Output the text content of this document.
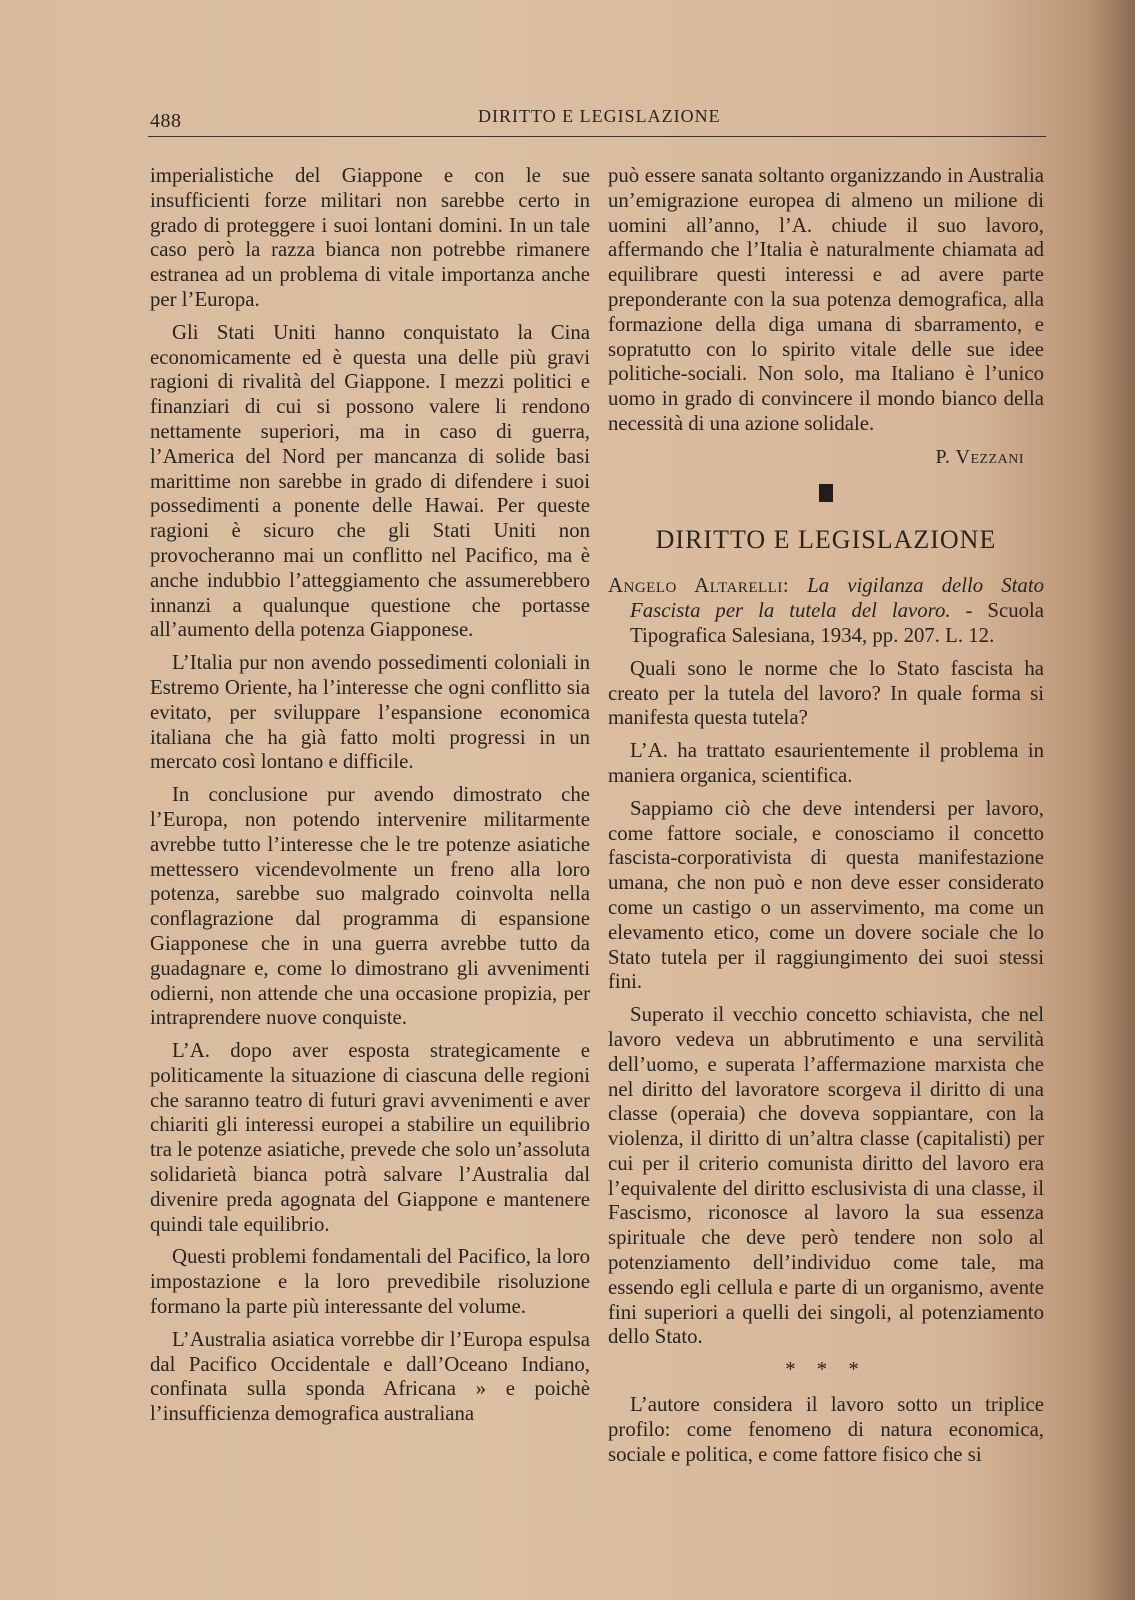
488	DIRITTO E LEGISLAZIONE

imperialistiche del Giappone e con le sue insufficienti forze militari non sarebbe certo in grado di proteggere i suoi lontani domini. In un tale caso però la razza bianca non potrebbe rimanere estranea ad un problema di vitale importanza anche per l’Europa.

Gli Stati Uniti hanno conquistato la Cina economicamente ed è questa una delle più gravi ragioni di rivalità del Giappone. I mezzi politici e finanziari di cui si possono valere li rendono nettamente superiori, ma in caso di guerra, l’America del Nord per mancanza di solide basi marittime non sarebbe in grado di difendere i suoi possedimenti a ponente delle Hawai. Per queste ragioni è sicuro che gli Stati Uniti non provocheranno mai un conflitto nel Pacifico, ma è anche indubbio l’atteggiamento che assumerebbero innanzi a qualunque questione che portasse all’aumento della potenza Giapponese.

L’Italia pur non avendo possedimenti coloniali in Estremo Oriente, ha l’interesse che ogni conflitto sia evitato, per sviluppare l’espansione economica italiana che ha già fatto molti progressi in un mercato così lontano e difficile.

In conclusione pur avendo dimostrato che l’Europa, non potendo intervenire militarmente avrebbe tutto l’interesse che le tre potenze asiatiche mettessero vicendevolmente un freno alla loro potenza, sarebbe suo malgrado coinvolta nella conflagrazione dal programma di espansione Giapponese che in una guerra avrebbe tutto da guadagnare e, come lo dimostrano gli avvenimenti odierni, non attende che una occasione propizia, per intraprendere nuove conquiste.

L’A. dopo aver esposta strategicamente e politicamente la situazione di ciascuna delle regioni che saranno teatro di futuri gravi avvenimenti e aver chiariti gli interessi europei a stabilire un equilibrio tra le potenze asiatiche, prevede che solo un’assoluta solidarietà bianca potrà salvare l’Australia dal divenire preda agognata del Giappone e mantenere quindi tale equilibrio.

Questi problemi fondamentali del Pacifico, la loro impostazione e la loro prevedibile risoluzione formano la parte più interessante del volume.

L’Australia asiatica vorrebbe dir l’Europa espulsa dal Pacifico Occidentale e dall’Oceano Indiano, confinata sulla sponda Africana » e poichè l’insufficienza demografica australiana

può essere sanata soltanto organizzando in Australia un’emigrazione europea di almeno un milione di uomini all’anno, l’A. chiude il suo lavoro, affermando che l’Italia è naturalmente chiamata ad equilibrare questi interessi e ad avere parte preponderante con la sua potenza demografica, alla formazione della diga umana di sbarramento, e sopratutto con lo spirito vitale delle sue idee politiche-sociali. Non solo, ma Italiano è l’unico uomo in grado di convincere il mondo bianco della necessità di una azione solidale.

P. Vezzani
DIRITTO E LEGISLAZIONE

Angelo Altarelli: La vigilanza dello Stato Fascista per la tutela del lavoro. - Scuola Tipografica Salesiana, 1934, pp. 207. L. 12.

Quali sono le norme che lo Stato fascista ha creato per la tutela del lavoro? In quale forma si manifesta questa tutela?

L’A. ha trattato esaurientemente il problema in maniera organica, scientifica.

Sappiamo ciò che deve intendersi per lavoro, come fattore sociale, e conosciamo il concetto fascista-corporativista di questa manifestazione umana, che non può e non deve esser considerato come un castigo o un asservimento, ma come un elevamento etico, come un dovere sociale che lo Stato tutela per il raggiungimento dei suoi stessi fini.

Superato il vecchio concetto schiavista, che nel lavoro vedeva un abbrutimento e una servilità dell’uomo, e superata l’affermazione marxista che nel diritto del lavoratore scorgeva il diritto di una classe (operaia) che doveva soppiantare, con la violenza, il diritto di un’altra classe (capitalisti) per cui per il criterio comunista diritto del lavoro era l’equivalente del diritto esclusivista di una classe, il Fascismo, riconosce al lavoro la sua essenza spirituale che deve però tendere non solo al potenziamento dell’individuo come tale, ma essendo egli cellula e parte di un organismo, avente fini superiori a quelli dei singoli, al potenziamento dello Stato.

* * *

L’autore considera il lavoro sotto un triplice profilo: come fenomeno di natura economica, sociale e politica, e come fattore fisico che si
